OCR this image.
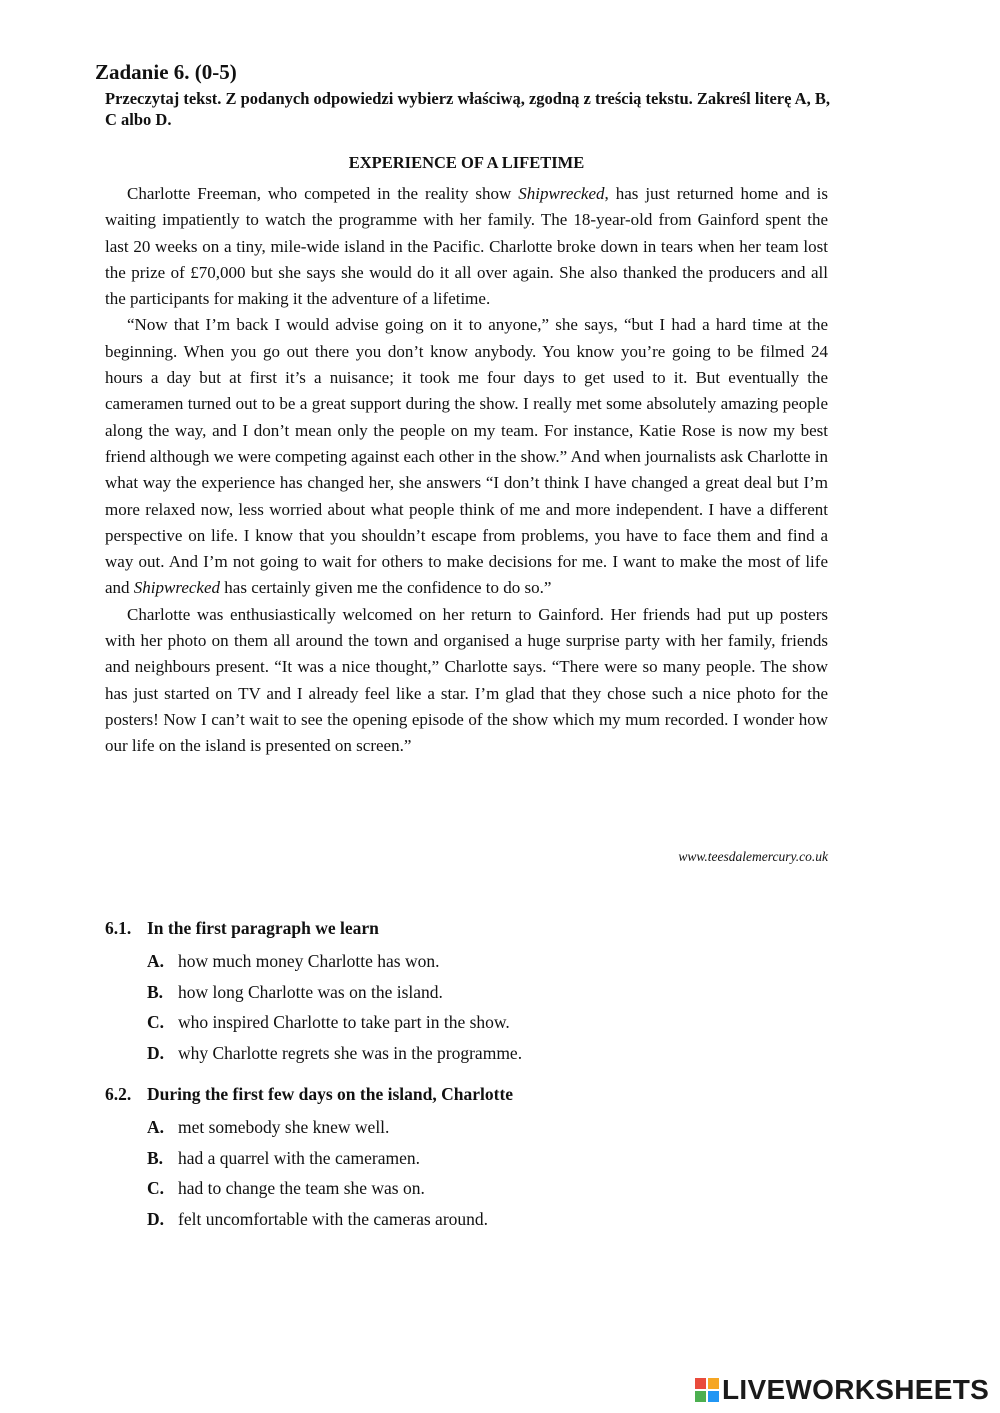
Zadanie 6. (0-5)

Przeczytaj tekst. Z podanych odpowiedzi wybierz właściwą, zgodną z treścią tekstu. Zakreśl literę A, B, C albo D.

EXPERIENCE OF A LIFETIME

Charlotte Freeman, who competed in the reality show Shipwrecked, has just returned home and is waiting impatiently to watch the programme with her family. The 18-year-old from Gainford spent the last 20 weeks on a tiny, mile-wide island in the Pacific. Charlotte broke down in tears when her team lost the prize of £70,000 but she says she would do it all over again. She also thanked the producers and all the participants for making it the adventure of a lifetime.

“Now that I’m back I would advise going on it to anyone,” she says, “but I had a hard time at the beginning. When you go out there you don’t know anybody. You know you’re going to be filmed 24 hours a day but at first it’s a nuisance; it took me four days to get used to it. But eventually the cameramen turned out to be a great support during the show. I really met some absolutely amazing people along the way, and I don’t mean only the people on my team. For instance, Katie Rose is now my best friend although we were competing against each other in the show.” And when journalists ask Charlotte in what way the experience has changed her, she answers “I don’t think I have changed a great deal but I’m more relaxed now, less worried about what people think of me and more independent. I have a different perspective on life. I know that you shouldn’t escape from problems, you have to face them and find a way out. And I’m not going to wait for others to make decisions for me. I want to make the most of life and Shipwrecked has certainly given me the confidence to do so.”

Charlotte was enthusiastically welcomed on her return to Gainford. Her friends had put up posters with her photo on them all around the town and organised a huge surprise party with her family, friends and neighbours present. “It was a nice thought,” Charlotte says. “There were so many people. The show has just started on TV and I already feel like a star. I’m glad that they chose such a nice photo for the posters! Now I can’t wait to see the opening episode of the show which my mum recorded. I wonder how our life on the island is presented on screen.”

www.teesdalemercury.co.uk

6.1. In the first paragraph we learn
A. how much money Charlotte has won.
B. how long Charlotte was on the island.
C. who inspired Charlotte to take part in the show.
D. why Charlotte regrets she was in the programme.
6.2. During the first few days on the island, Charlotte
A. met somebody she knew well.
B. had a quarrel with the cameramen.
C. had to change the team she was on.
D. felt uncomfortable with the cameras around.
LIVEWORKSHEETS
